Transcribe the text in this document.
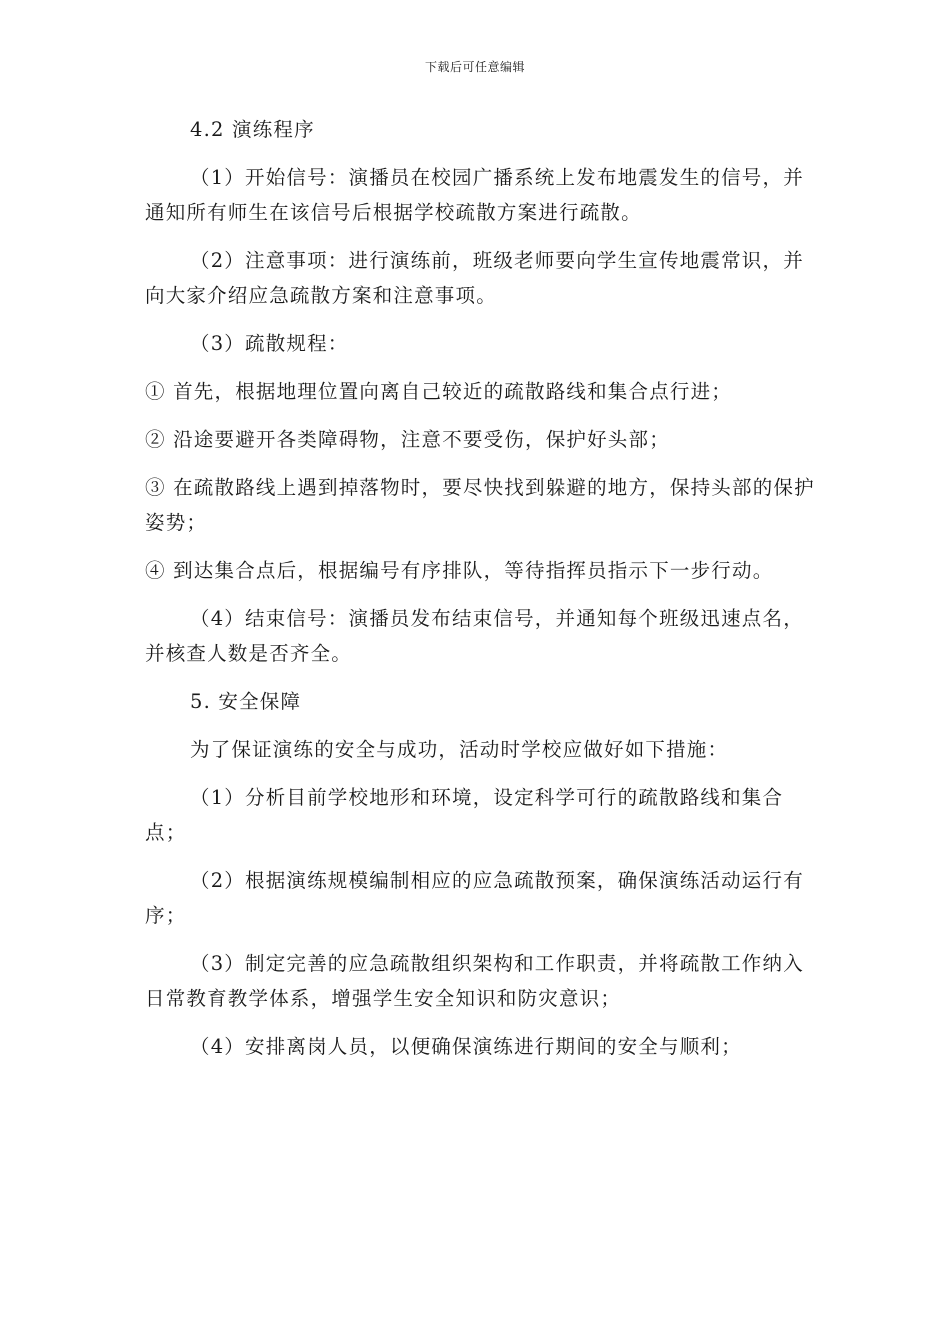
下载后可任意编辑

4.2 演练程序

（1）开始信号：演播员在校园广播系统上发布地震发生的信号，并通知所有师生在该信号后根据学校疏散方案进行疏散。

（2）注意事项：进行演练前，班级老师要向学生宣传地震常识，并向大家介绍应急疏散方案和注意事项。

（3）疏散规程：

① 首先，根据地理位置向离自己较近的疏散路线和集合点行进；

② 沿途要避开各类障碍物，注意不要受伤，保护好头部；

③ 在疏散路线上遇到掉落物时，要尽快找到躲避的地方，保持头部的保护姿势；

④ 到达集合点后，根据编号有序排队，等待指挥员指示下一步行动。

（4）结束信号：演播员发布结束信号，并通知每个班级迅速点名，并核查人数是否齐全。

5. 安全保障

为了保证演练的安全与成功，活动时学校应做好如下措施：

（1）分析目前学校地形和环境，设定科学可行的疏散路线和集合点；

（2）根据演练规模编制相应的应急疏散预案，确保演练活动运行有序；

（3）制定完善的应急疏散组织架构和工作职责，并将疏散工作纳入日常教育教学体系，增强学生安全知识和防灾意识；

（4）安排离岗人员，以便确保演练进行期间的安全与顺利；
